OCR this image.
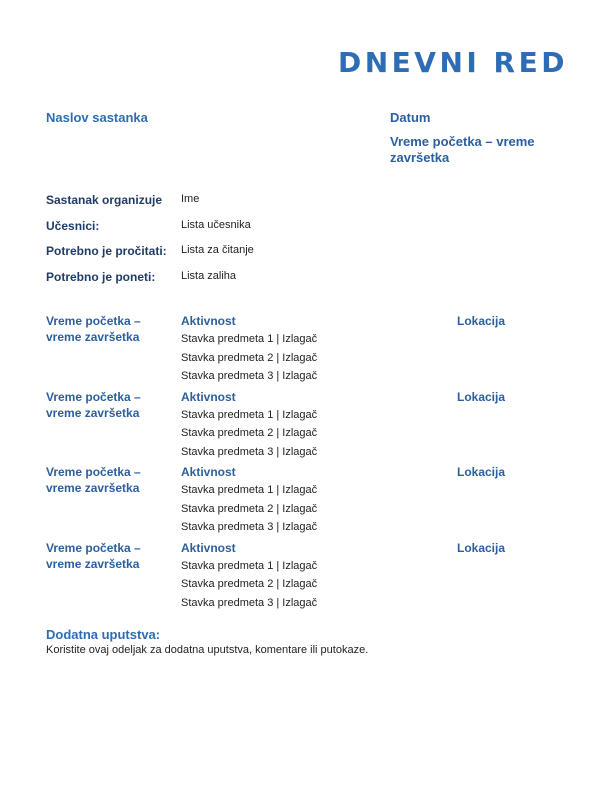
DNEVNI RED
Naslov sastanka	Datum
Vreme početka – vreme završetka
Sastanak organizuje Ime
Učesnici:	Lista učesnika
Potrebno je pročitati: Lista za čitanje
Potrebno je poneti: Lista zaliha
Vreme početka – vreme završetka
Aktivnost
Stavka predmeta 1 | Izlagač
Stavka predmeta 2 | Izlagač
Stavka predmeta 3 | Izlagač
Lokacija
Vreme početka – vreme završetka
Aktivnost
Stavka predmeta 1 | Izlagač
Stavka predmeta 2 | Izlagač
Stavka predmeta 3 | Izlagač
Lokacija
Vreme početka – vreme završetka
Aktivnost
Stavka predmeta 1 | Izlagač
Stavka predmeta 2 | Izlagač
Stavka predmeta 3 | Izlagač
Lokacija
Vreme početka – vreme završetka
Aktivnost
Stavka predmeta 1 | Izlagač
Stavka predmeta 2 | Izlagač
Stavka predmeta 3 | Izlagač
Lokacija
Dodatna uputstva:
Koristite ovaj odeljak za dodatna uputstva, komentare ili putokaze.
